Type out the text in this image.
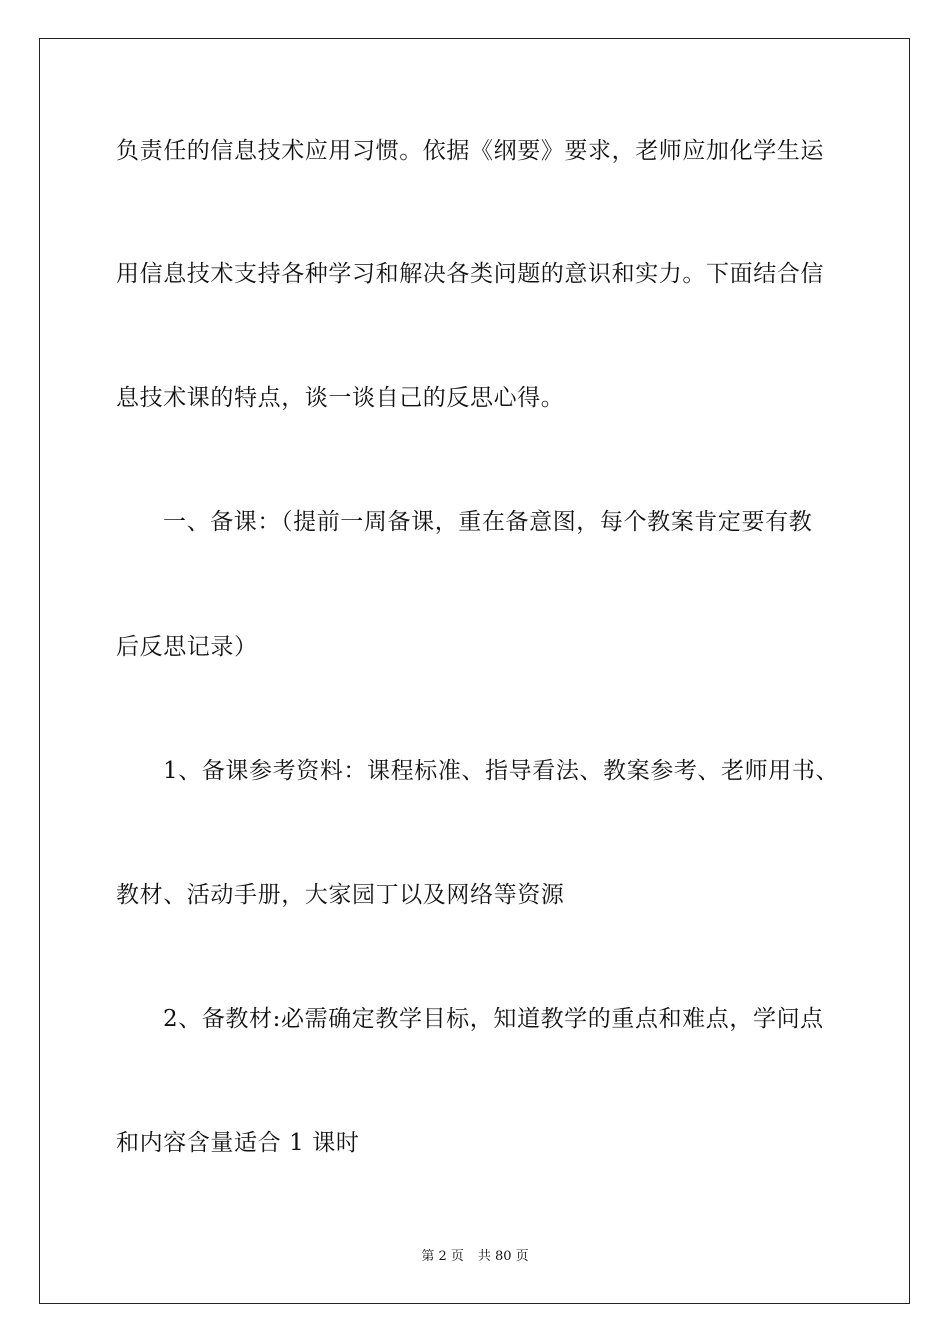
负责任的信息技术应用习惯。依据《纲要》要求，老师应加化学生运
用信息技术支持各种学习和解决各类问题的意识和实力。下面结合信
息技术课的特点，谈一谈自己的反思心得。
一、备课：（提前一周备课，重在备意图，每个教案肯定要有教
后反思记录）
1、备课参考资料：课程标准、指导看法、教案参考、老师用书、
教材、活动手册，大家园丁以及网络等资源
2、备教材:必需确定教学目标，知道教学的重点和难点，学问点
和内容含量适合 1 课时
第 2 页 共 80 页
